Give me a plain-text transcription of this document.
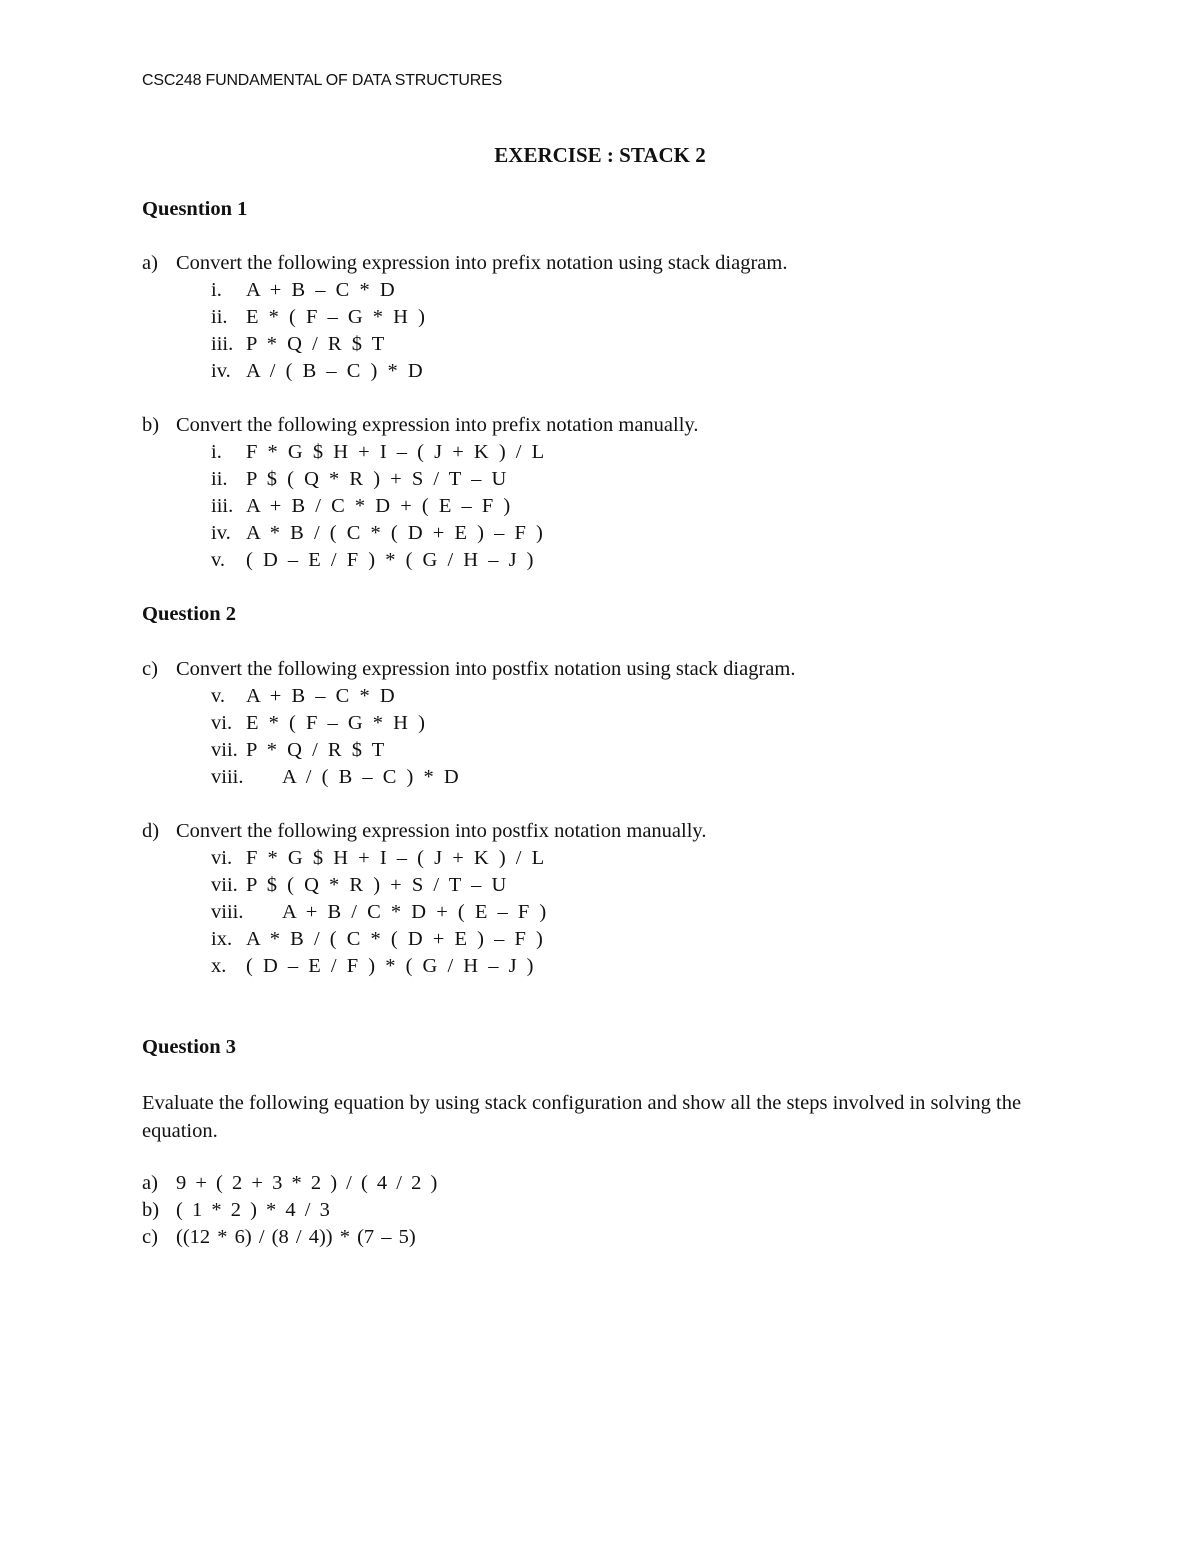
CSC248 FUNDAMENTAL OF DATA STRUCTURES
EXERCISE : STACK 2
Quesntion 1
a) Convert the following expression into prefix notation using stack diagram.
i. A + B – C * D
ii. E * ( F – G * H )
iii. P * Q / R $ T
iv. A / ( B – C ) * D
b) Convert the following expression into prefix notation manually.
i. F * G $ H + I – ( J + K ) / L
ii. P $ ( Q * R ) + S / T – U
iii. A + B / C * D + ( E – F )
iv. A * B / ( C * ( D + E ) – F )
v. ( D – E / F ) * ( G / H – J )
Question 2
c) Convert the following expression into postfix notation using stack diagram.
v. A + B – C * D
vi. E * ( F – G * H )
vii. P * Q / R $ T
viii. A / ( B – C ) * D
d) Convert the following expression into postfix notation manually.
vi. F * G $ H + I – ( J + K ) / L
vii. P $ ( Q * R ) + S / T – U
viii. A + B / C * D + ( E – F )
ix. A * B / ( C * ( D + E ) – F )
x. ( D – E / F ) * ( G / H – J )
Question 3
Evaluate the following equation by using stack configuration and show all the steps involved in solving the equation.
a) 9 + ( 2 + 3 * 2 ) / ( 4 / 2 )
b) ( 1 * 2 ) * 4 / 3
c) ((12 * 6) / (8 / 4)) * (7 – 5)
